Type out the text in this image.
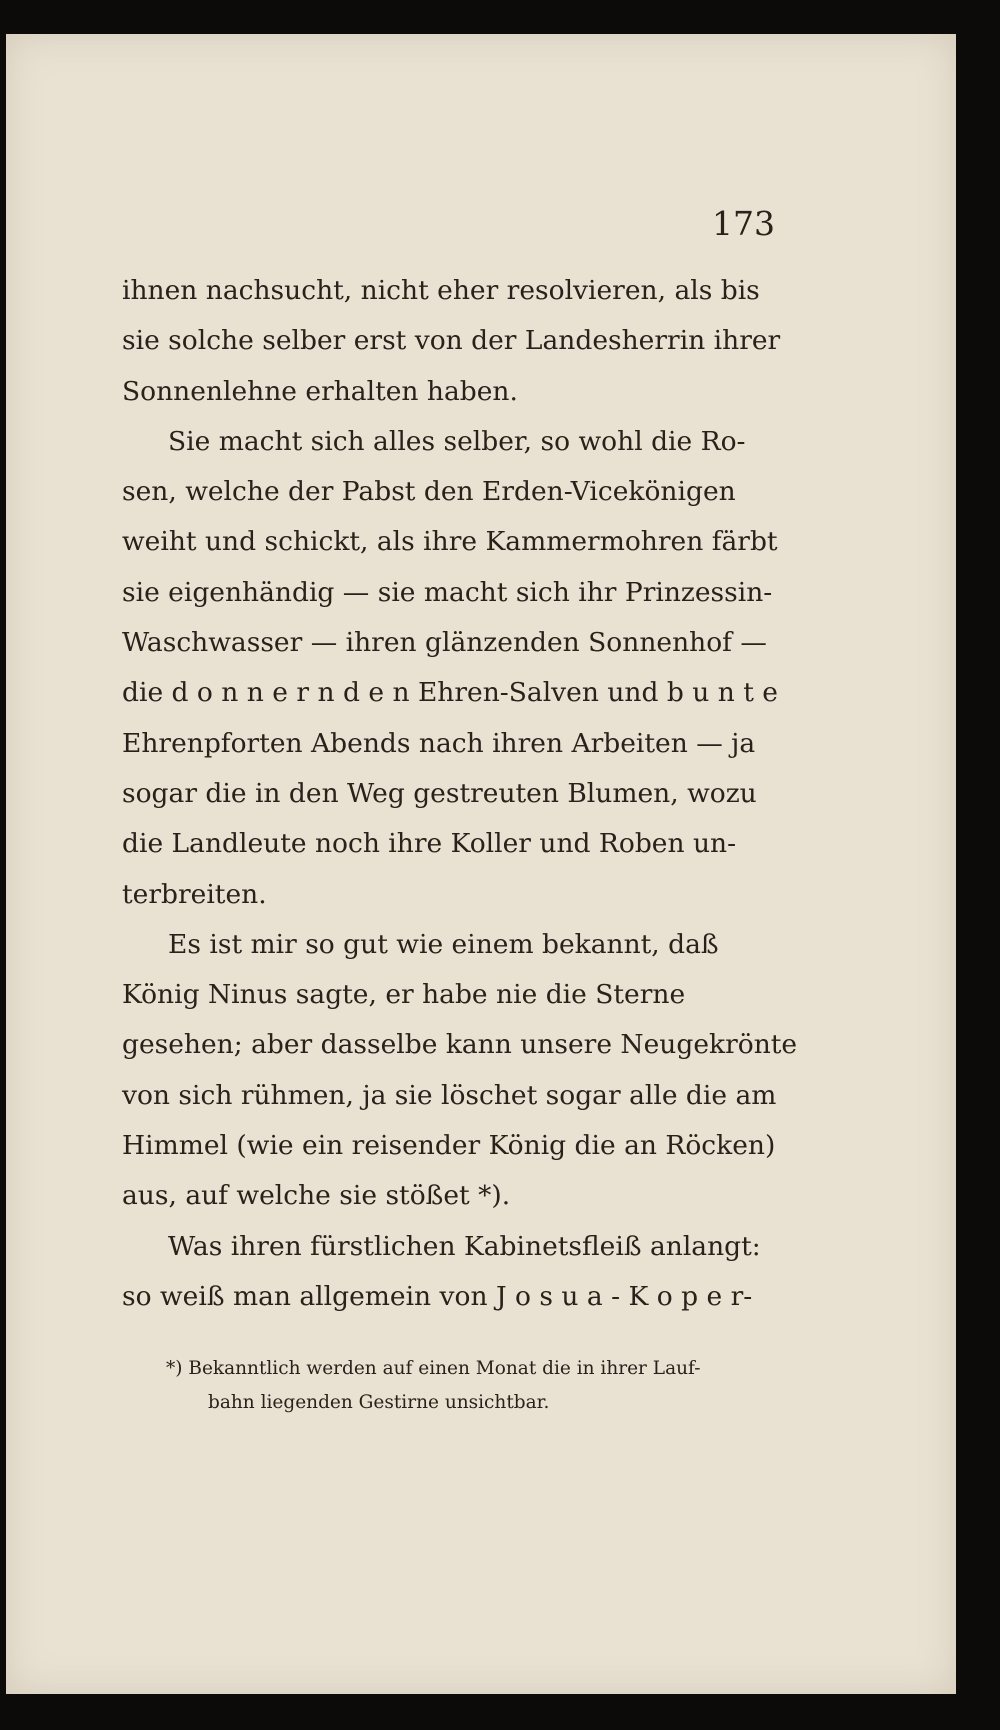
173
ihnen nachsucht, nicht eher resolvieren, als bis
sie solche selber erst von der Landesherrin ihrer
Sonnenlehne erhalten haben.
Sie macht sich alles selber, so wohl die Ro-
sen, welche der Pabst den Erden-Vicekönigen
weiht und schickt, als ihre Kammermohren färbt
sie eigenhändig — sie macht sich ihr Prinzessin-
Waschwasser — ihren glänzenden Sonnenhof —
die d o n n e r n d e n Ehren-Salven und b u n t e
Ehrenpforten Abends nach ihren Arbeiten — ja
sogar die in den Weg gestreuten Blumen, wozu
die Landleute noch ihre Koller und Roben un-
terbreiten.
Es ist mir so gut wie einem bekannt, daß
König Ninus sagte, er habe nie die Sterne
gesehen; aber dasselbe kann unsere Neugekrönte
von sich rühmen, ja sie löschet sogar alle die am
Himmel (wie ein reisender König die an Röcken)
aus, auf welche sie stößet *).
Was ihren fürstlichen Kabinetsfleiß anlangt:
so weiß man allgemein von J o s u a - K o p e r-
*) Bekanntlich werden auf einen Monat die in ihrer Lauf-
bahn liegenden Gestirne unsichtbar.
